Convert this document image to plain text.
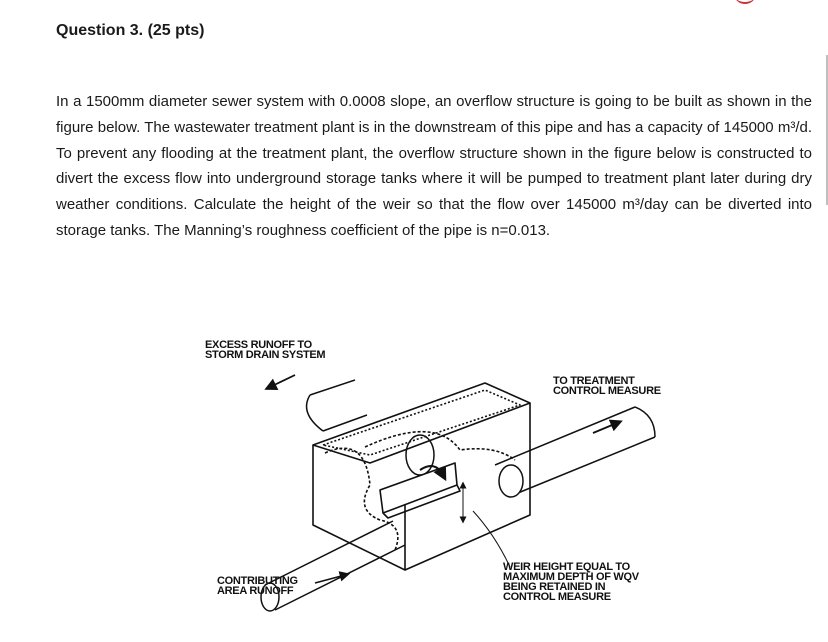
Question 3. (25 pts)

In a 1500mm diameter sewer system with 0.0008 slope, an overflow structure is going to be built as shown in the figure below. The wastewater treatment plant is in the downstream of this pipe and has a capacity of 145000 m³/d. To prevent any flooding at the treatment plant, the overflow structure shown in the figure below is constructed to divert the excess flow into underground storage tanks where it will be pumped to treatment plant later during dry weather conditions. Calculate the height of the weir so that the flow over 145000 m³/day can be diverted into storage tanks. The Manning’s roughness coefficient of the pipe is n=0.013.

EXCESS RUNOFF TO
STORM DRAIN SYSTEM
TO TREATMENT
CONTROL MEASURE
CONTRIBUTING
AREA RUNOFF
WEIR HEIGHT EQUAL TO
MAXIMUM DEPTH OF WQV
BEING RETAINED IN
CONTROL MEASURE
